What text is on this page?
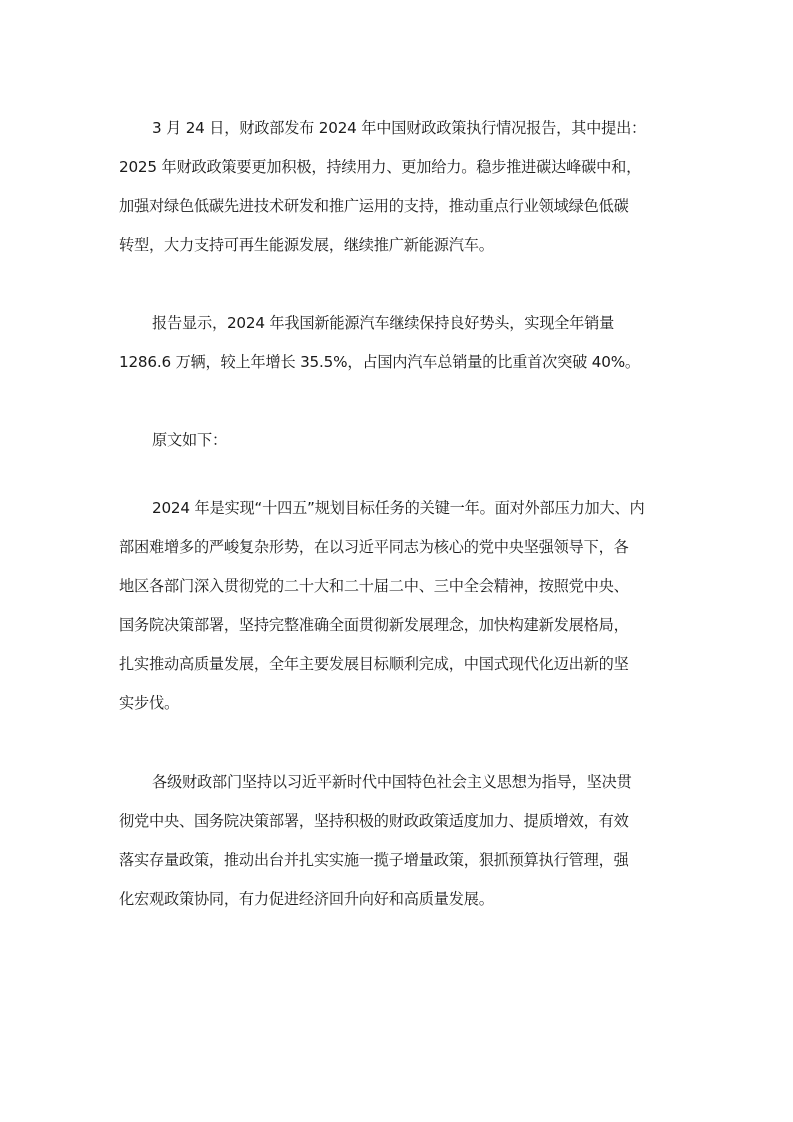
3 月 24 日，财政部发布 2024 年中国财政政策执行情况报告，其中提出：
2025 年财政政策要更加积极，持续用力、更加给力。稳步推进碳达峰碳中和，
加强对绿色低碳先进技术研发和推广运用的支持，推动重点行业领域绿色低碳
转型，大力支持可再生能源发展，继续推广新能源汽车。
报告显示，2024 年我国新能源汽车继续保持良好势头，实现全年销量
1286.6 万辆，较上年增长 35.5%，占国内汽车总销量的比重首次突破 40%。
原文如下：
2024 年是实现“十四五”规划目标任务的关键一年。面对外部压力加大、内
部困难增多的严峻复杂形势，在以习近平同志为核心的党中央坚强领导下，各
地区各部门深入贯彻党的二十大和二十届二中、三中全会精神，按照党中央、
国务院决策部署，坚持完整准确全面贯彻新发展理念，加快构建新发展格局，
扎实推动高质量发展，全年主要发展目标顺利完成，中国式现代化迈出新的坚
实步伐。
各级财政部门坚持以习近平新时代中国特色社会主义思想为指导，坚决贯
彻党中央、国务院决策部署，坚持积极的财政政策适度加力、提质增效，有效
落实存量政策，推动出台并扎实实施一揽子增量政策，狠抓预算执行管理，强
化宏观政策协同，有力促进经济回升向好和高质量发展。
